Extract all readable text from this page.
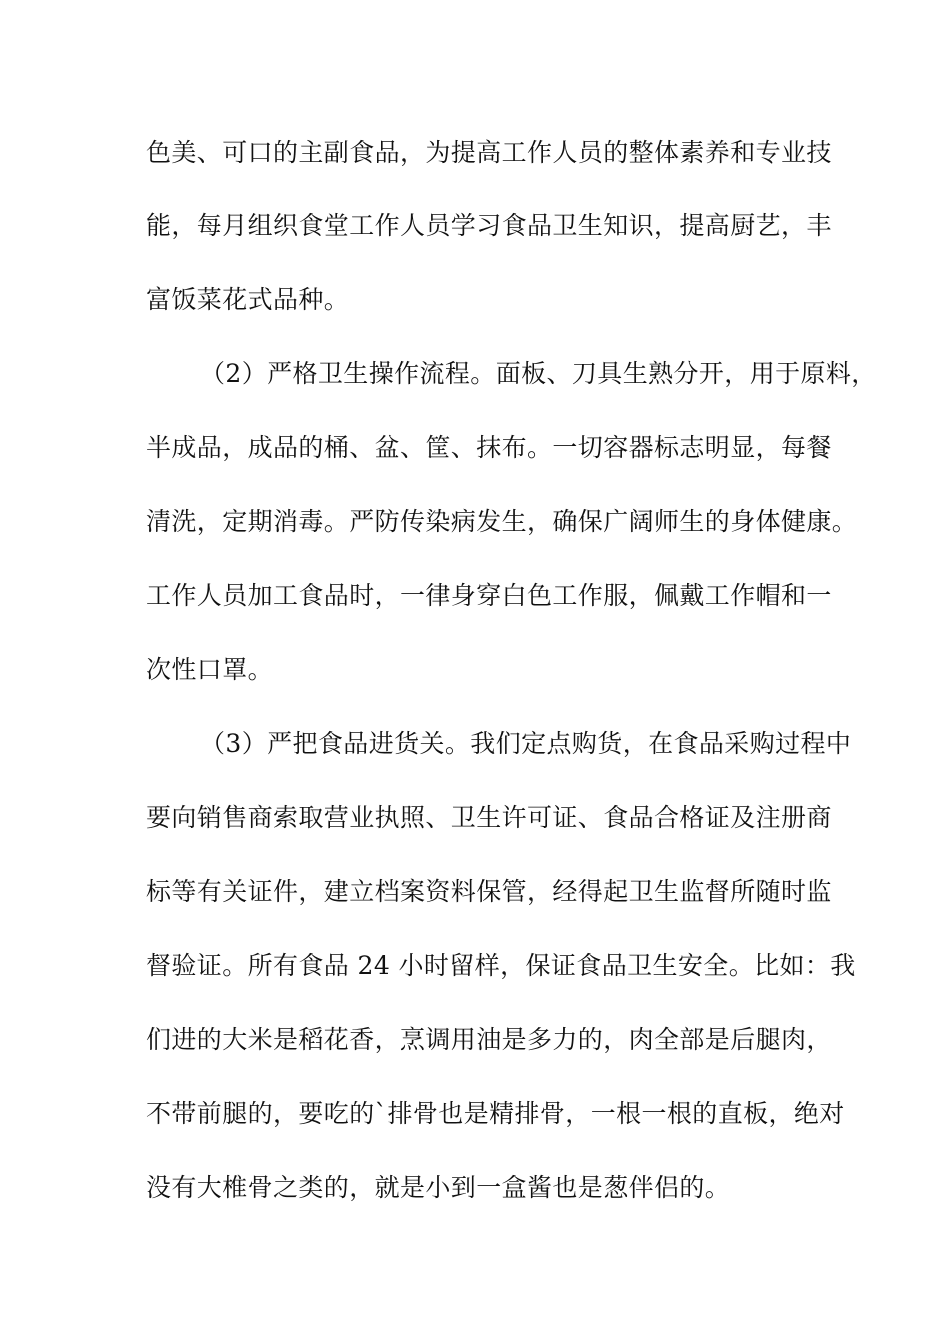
色美、可口的主副食品，为提高工作人员的整体素养和专业技
能，每月组织食堂工作人员学习食品卫生知识，提高厨艺，丰
富饭菜花式品种。
（2）严格卫生操作流程。面板、刀具生熟分开，用于原料，
半成品，成品的桶、盆、筐、抹布。一切容器标志明显，每餐
清洗，定期消毒。严防传染病发生，确保广阔师生的身体健康。
工作人员加工食品时，一律身穿白色工作服，佩戴工作帽和一
次性口罩。
（3）严把食品进货关。我们定点购货，在食品采购过程中
要向销售商索取营业执照、卫生许可证、食品合格证及注册商
标等有关证件，建立档案资料保管，经得起卫生监督所随时监
督验证。所有食品 24 小时留样，保证食品卫生安全。比如：我
们进的大米是稻花香，烹调用油是多力的，肉全部是后腿肉，
不带前腿的，要吃的`排骨也是精排骨，一根一根的直板，绝对
没有大椎骨之类的，就是小到一盒酱也是葱伴侣的。
